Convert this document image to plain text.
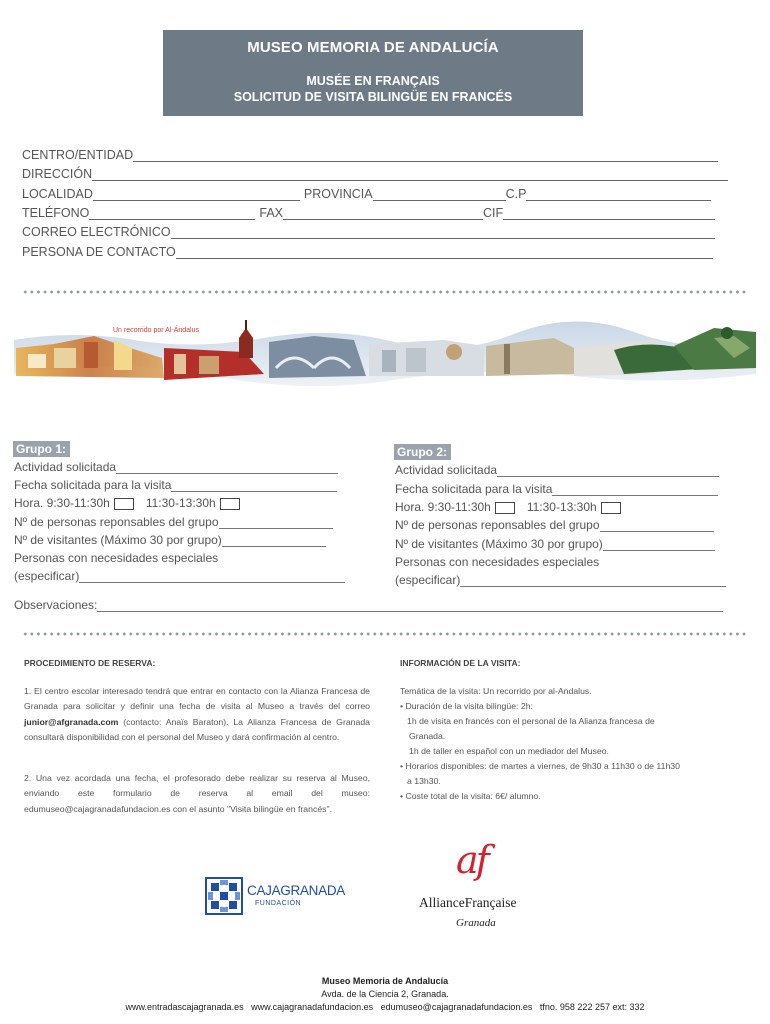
MUSEO MEMORIA DE ANDALUCÍA
MUSÉE EN FRANÇAIS
SOLICITUD DE VISITA BILINGÜE EN FRANCÉS
CENTRO/ENTIDAD
DIRECCIÓN
LOCALIDAD	PROVINCIA	C.P
TELÉFONO	FAX	CIF
CORREO ELECTRÓNICO
PERSONA DE CONTACTO
Un recorrido por Al-Ándalus
Grupo 1:
Actividad solicitada
Fecha solicitada para la visita
Hora. 9:30-11:30h	11:30-13:30h
Nº de personas reponsables del grupo
Nº de visitantes (Máximo 30 por grupo)
Personas con necesidades especiales
(especificar)
Grupo 2:
Actividad solicitada
Fecha solicitada para la visita
Hora. 9:30-11:30h	11:30-13:30h
Nº de personas reponsables del grupo
Nº de visitantes (Máximo 30 por grupo)
Personas con necesidades especiales
(especificar)
Observaciones:
PROCEDIMIENTO DE RESERVA:
1. El centro escolar interesado tendrá que entrar en contacto con la Alianza Francesa de Granada para solicitar y definir una fecha de visita al Museo a través del correo junior@afgranada.com (contacto: Anaïs Baraton). La Alianza Francesa de Granada consultará disponibilidad con el personal del Museo y dará confirmación al centro.
2. Una vez acordada una fecha, el profesorado debe realizar su reserva al Museo, enviando este formulario de reserva al email del museo: edumuseo@cajagranadafundacion.es con el asunto "Visita bilingüe en francés".
INFORMACIÓN DE LA VISITA:
Temática de la visita: Un recorrido por al-Andalus.
• Duración de la visita bilingüe: 2h:
1h de visita en francés con el personal de la Alianza francesa de
Granada.
1h de taller en español con un mediador del Museo.
• Horarios disponibles: de martes a viernes, de 9h30 a 11h30 o de 11h30
a 13h30.
• Coste total de la visita: 6€/ alumno.
CAJAGRANADA
FUNDACIÓN
af
AllianceFrançaise
Granada
Museo Memoria de Andalucía
Avda. de la Ciencia 2, Granada.
www.entradascajagranada.es   www.cajagranadafundacion.es   edumuseo@cajagranadafundacion.es   tfno. 958 222 257 ext: 332
